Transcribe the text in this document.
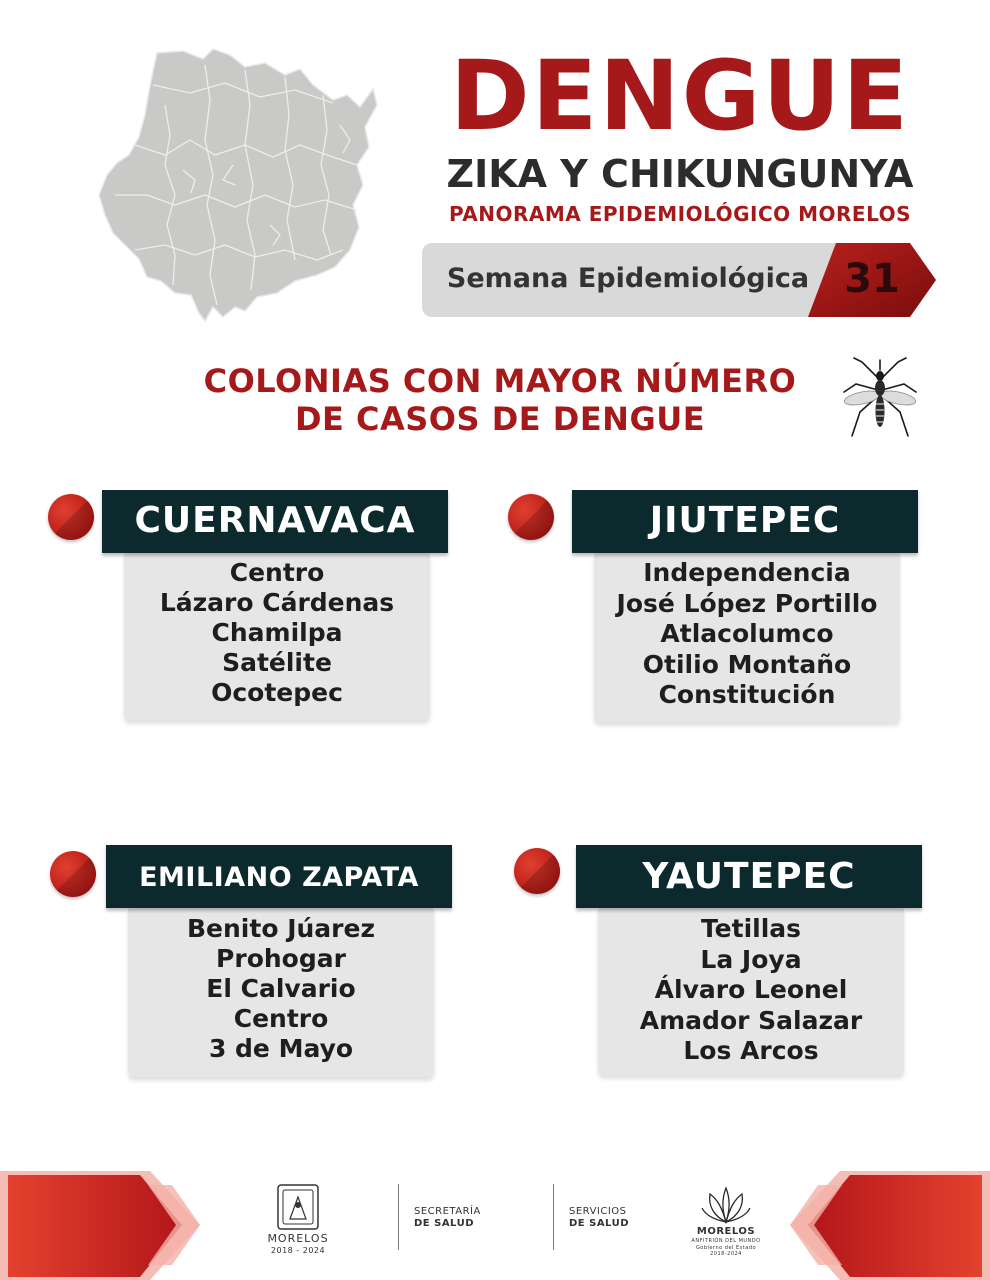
DENGUE
ZIKA Y CHIKUNGUNYA
PANORAMA EPIDEMIOLÓGICO MORELOS
Semana Epidemiológica 31
COLONIAS CON MAYOR NÚMERO
DE CASOS DE DENGUE
CUERNAVACA
Centro
Lázaro Cárdenas
Chamilpa
Satélite
Ocotepec
JIUTEPEC
Independencia
José López Portillo
Atlacolumco
Otilio Montaño
Constitución
EMILIANO ZAPATA
Benito Júarez
Prohogar
El Calvario
Centro
3 de Mayo
YAUTEPEC
Tetillas
La Joya
Álvaro Leonel
Amador Salazar
Los Arcos
MORELOS
2018 - 2024
SECRETARÍA
DE SALUD
SERVICIOS
DE SALUD
MORELOS
ANFITRIÓN DEL MUNDO
Gobierno del Estado 2018-2024
